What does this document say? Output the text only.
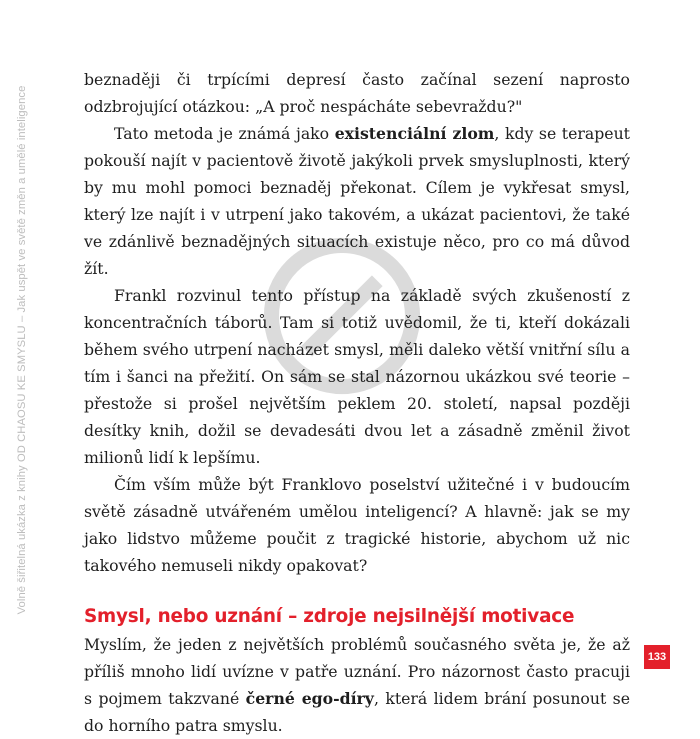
Volně šiřitelná ukázka z knihy OD CHAOSU KE SMYSLU – Jak uspět ve světě změn a umělé inteligence

beznaději či trpícími depresí často začínal sezení naprosto odzbrojující otázkou: „A proč nespácháte sebevraždu?"

Tato metoda je známá jako existenciální zlom, kdy se terapeut pokouší najít v pacientově životě jakýkoli prvek smysluplnosti, který by mu mohl pomoci beznaděj překonat. Cílem je vykřesat smysl, který lze najít i v utrpení jako takovém, a ukázat pacientovi, že také ve zdánlivě beznadějných situacích existuje něco, pro co má důvod žít.

Frankl rozvinul tento přístup na základě svých zkušeností z koncentračních táborů. Tam si totiž uvědomil, že ti, kteří dokázali během svého utrpení nacházet smysl, měli daleko větší vnitřní sílu a tím i šanci na přežití. On sám se stal názornou ukázkou své teorie – přestože si prošel největším peklem 20. století, napsal později desítky knih, dožil se devadesáti dvou let a zásadně změnil život milionů lidí k lepšímu.

Čím vším může být Franklovo poselství užitečné i v budoucím světě zásadně utvářeném umělou inteligencí? A hlavně: jak se my jako lidstvo můžeme poučit z tragické historie, abychom už nic takového nemuseli nikdy opakovat?

Smysl, nebo uznání – zdroje nejsilnější motivace

Myslím, že jeden z největších problémů současného světa je, že až příliš mnoho lidí uvízne v patře uznání. Pro názornost často pracuji s pojmem takzvané černé ego-díry, která lidem brání posunout se do horního patra smyslu.

133
